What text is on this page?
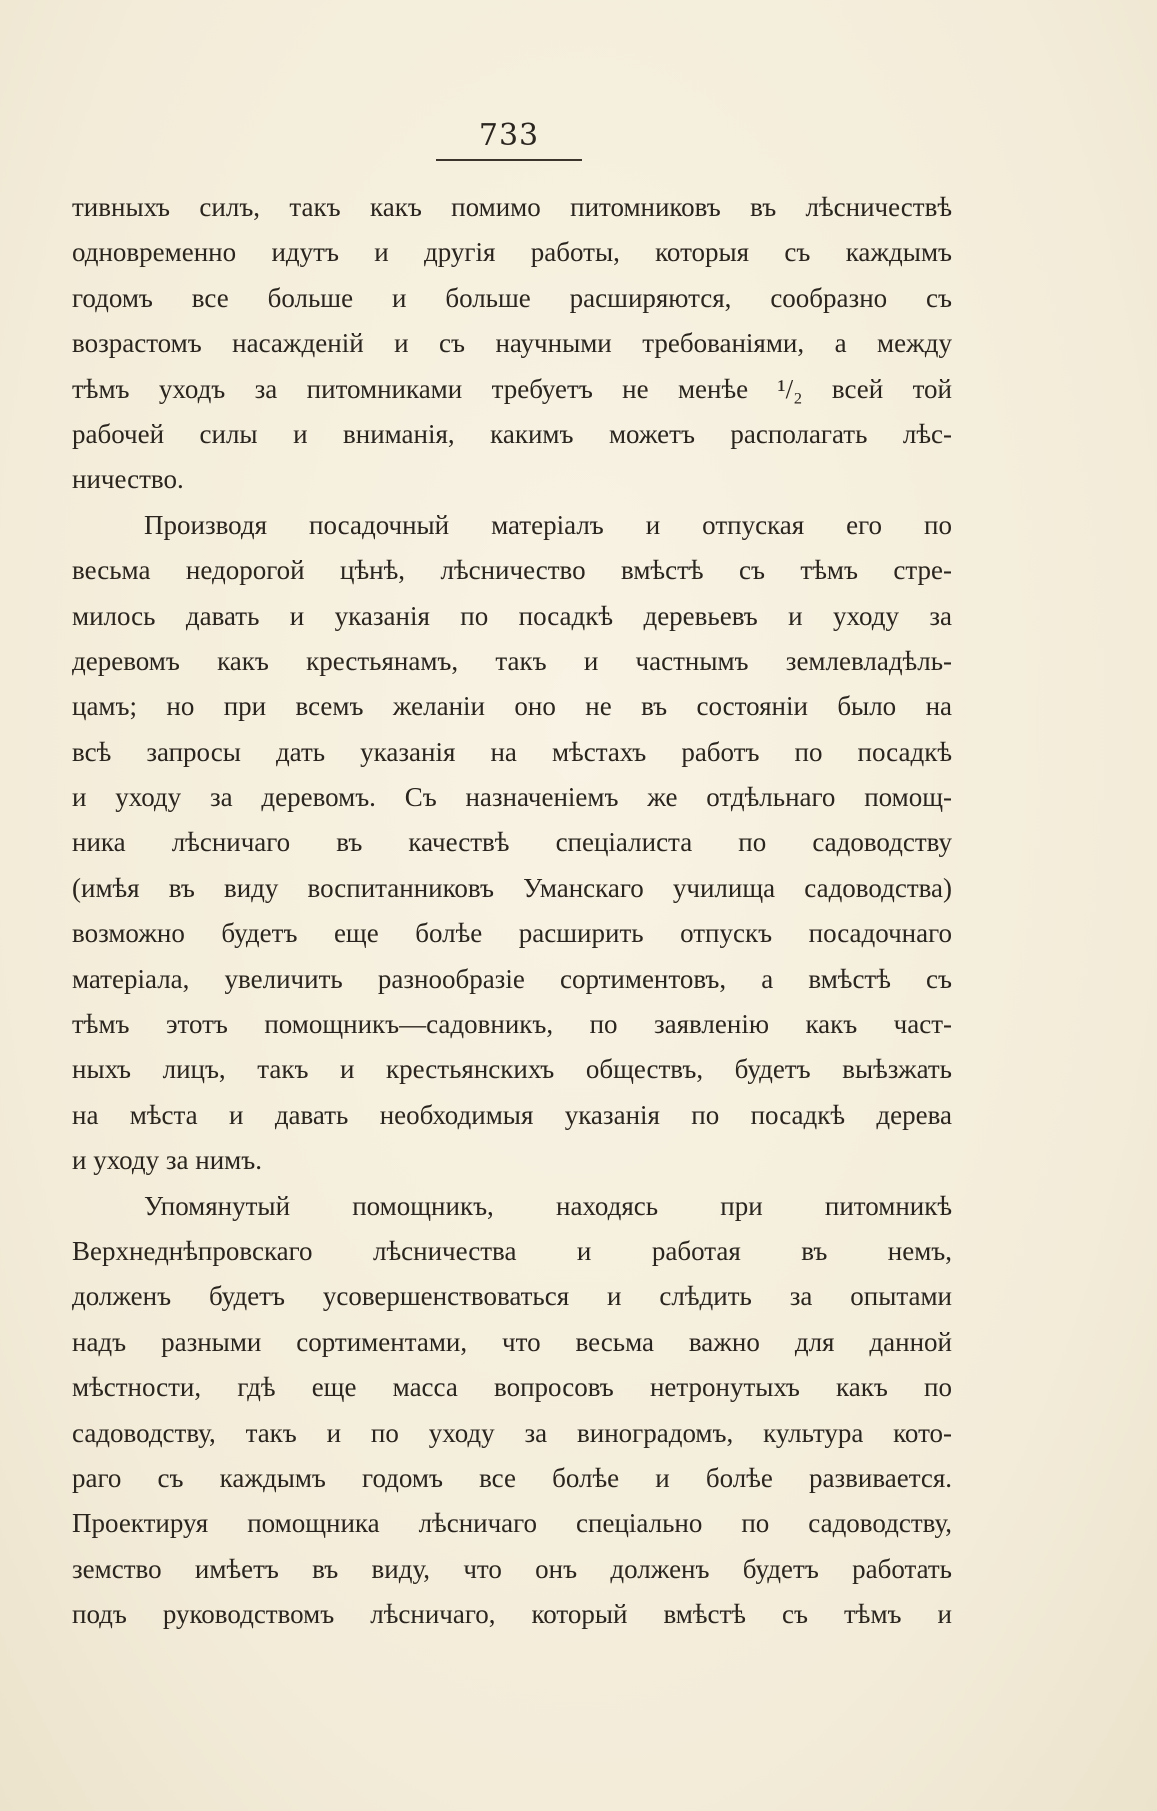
733
тивныхъ силъ, такъ какъ помимо питомниковъ въ лѣсничествѣ
одновременно идутъ и другія работы, которыя съ каждымъ
годомъ все больше и больше расширяются, сообразно съ
возрастомъ насажденій и съ научными требованіями, а между
тѣмъ уходъ за питомниками требуетъ не менѣе ¹/₂ всей той
рабочей силы и вниманія, какимъ можетъ располагать лѣс-
ничество.
Производя посадочный матеріалъ и отпуская его по
весьма недорогой цѣнѣ, лѣсничество вмѣстѣ съ тѣмъ стре-
милось давать и указанія по посадкѣ деревьевъ и уходу за
деревомъ какъ крестьянамъ, такъ и частнымъ землевладѣль-
цамъ; но при всемъ желаніи оно не въ состояніи было на
всѣ запросы дать указанія на мѣстахъ работъ по посадкѣ
и уходу за деревомъ. Съ назначеніемъ же отдѣльнаго помощ-
ника лѣсничаго въ качествѣ спеціалиста по садоводству
(имѣя въ виду воспитанниковъ Уманскаго училища садоводства)
возможно будетъ еще болѣе расширить отпускъ посадочнаго
матеріала, увеличить разнообразіе сортиментовъ, а вмѣстѣ съ
тѣмъ этотъ помощникъ—садовникъ, по заявленію какъ част-
ныхъ лицъ, такъ и крестьянскихъ обществъ, будетъ выѣзжать
на мѣста и давать необходимыя указанія по посадкѣ дерева
и уходу за нимъ.
Упомянутый помощникъ, находясь при питомникѣ
Верхнеднѣпровскаго лѣсничества и работая въ немъ,
долженъ будетъ усовершенствоваться и слѣдить за опытами
надъ разными сортиментами, что весьма важно для данной
мѣстности, гдѣ еще масса вопросовъ нетронутыхъ какъ по
садоводству, такъ и по уходу за виноградомъ, культура кото-
раго съ каждымъ годомъ все болѣе и болѣе развивается.
Проектируя помощника лѣсничаго спеціально по садоводству,
земство имѣетъ въ виду, что онъ долженъ будетъ работать
подъ руководствомъ лѣсничаго, который вмѣстѣ съ тѣмъ и
